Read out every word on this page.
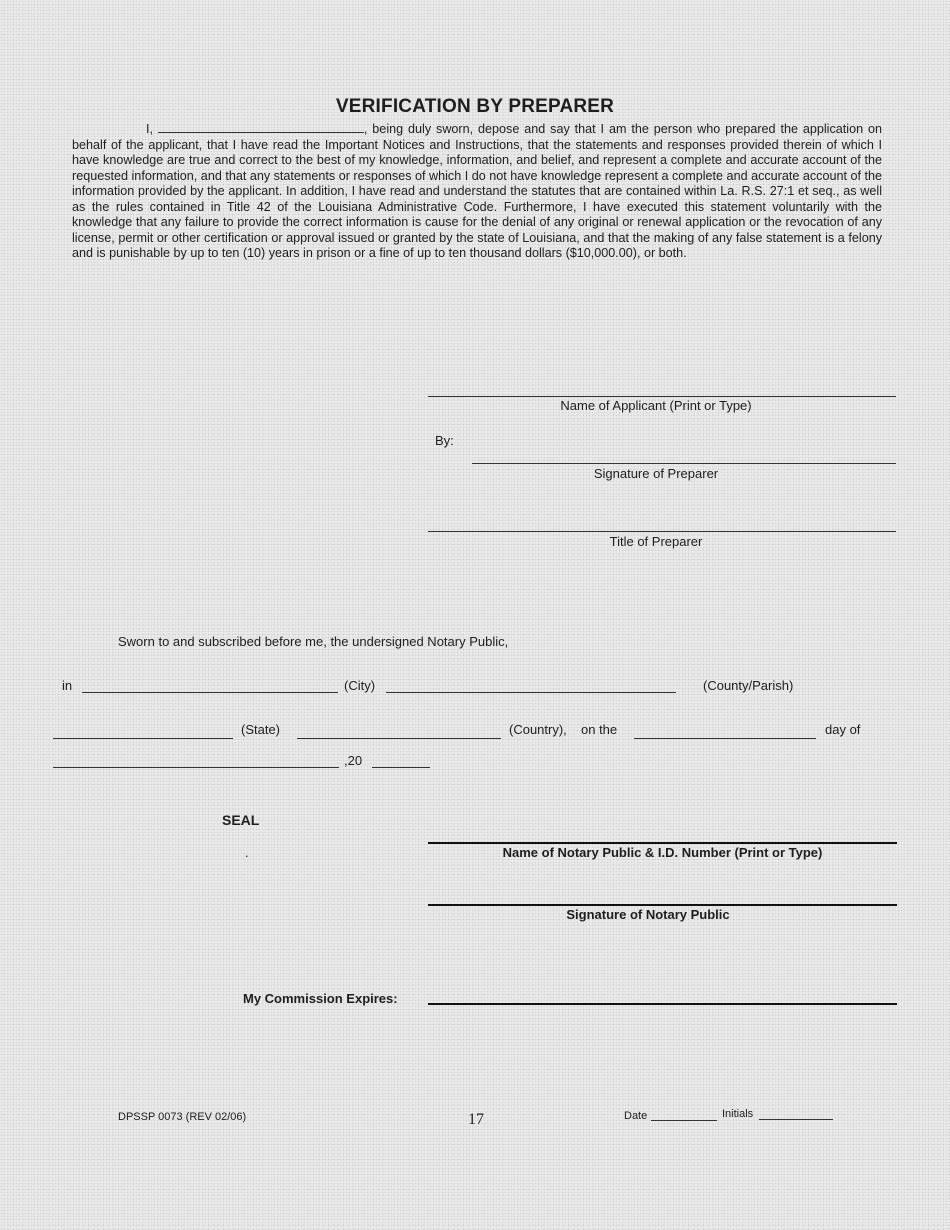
VERIFICATION BY PREPARER
I,	, being duly sworn, depose and say that I am the person who prepared the application on behalf of the applicant, that I have read the Important Notices and Instructions, that the statements and responses provided therein of which I have knowledge are true and correct to the best of my knowledge, information, and belief, and represent a complete and accurate account of the requested information, and that any statements or responses of which I do not have knowledge represent a complete and accurate account of the information provided by the applicant. In addition, I have read and understand the statutes that are contained within La. R.S. 27:1 et seq., as well as the rules contained in Title 42 of the Louisiana Administrative Code. Furthermore, I have executed this statement voluntarily with the knowledge that any failure to provide the correct information is cause for the denial of any original or renewal application or the revocation of any license, permit or other certification or approval issued or granted by the state of Louisiana, and that the making of any false statement is a felony and is punishable by up to ten (10) years in prison or a fine of up to ten thousand dollars ($10,000.00), or both.
Name of Applicant (Print or Type)
By:
Signature of Preparer
Title of Preparer
Sworn to and subscribed before me, the undersigned Notary Public,
in	(City)	(County/Parish)
(State)	(Country), on the	day of
,20
SEAL
.	Name of Notary Public & I.D. Number (Print or Type)
Signature of Notary Public
My Commission Expires:
DPSSP 0073 (REV 02/06)	17	Date	Initials
